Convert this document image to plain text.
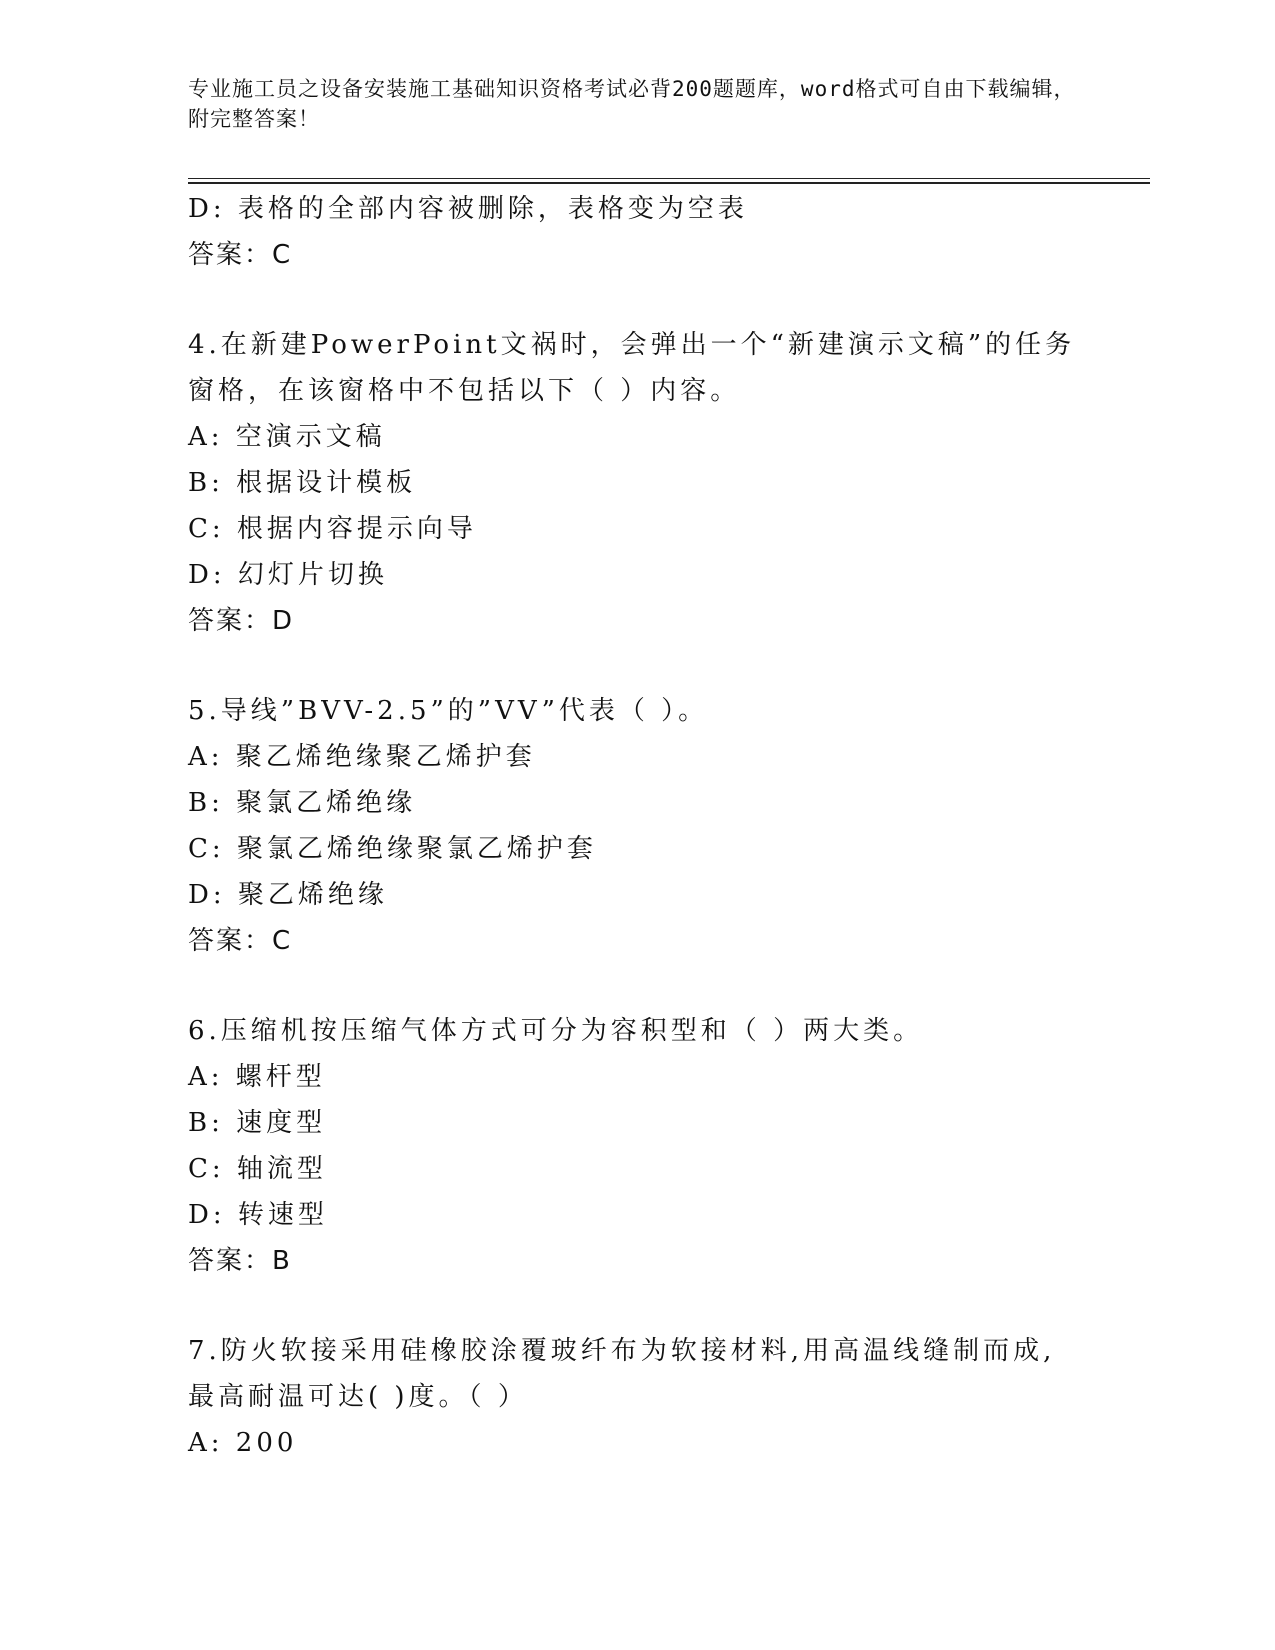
专业施工员之设备安装施工基础知识资格考试必背200题题库，word格式可自由下载编辑，附完整答案！
D: 表格的全部内容被删除，表格变为空表
答案：C
4.在新建PowerPoint文祸时，会弹出一个“新建演示文稿”的任务窗格，在该窗格中不包括以下（ ）内容。
A: 空演示文稿
B: 根据设计模板
C: 根据内容提示向导
D: 幻灯片切换
答案：D
5.导线”BVV-2.5”的”VV”代表（ ）。
A: 聚乙烯绝缘聚乙烯护套
B: 聚氯乙烯绝缘
C: 聚氯乙烯绝缘聚氯乙烯护套
D: 聚乙烯绝缘
答案：C
6.压缩机按压缩气体方式可分为容积型和（ ）两大类。
A: 螺杆型
B: 速度型
C: 轴流型
D: 转速型
答案：B
7.防火软接采用硅橡胶涂覆玻纤布为软接材料,用高温线缝制而成,最高耐温可达( )度。（ ）
A: 200
